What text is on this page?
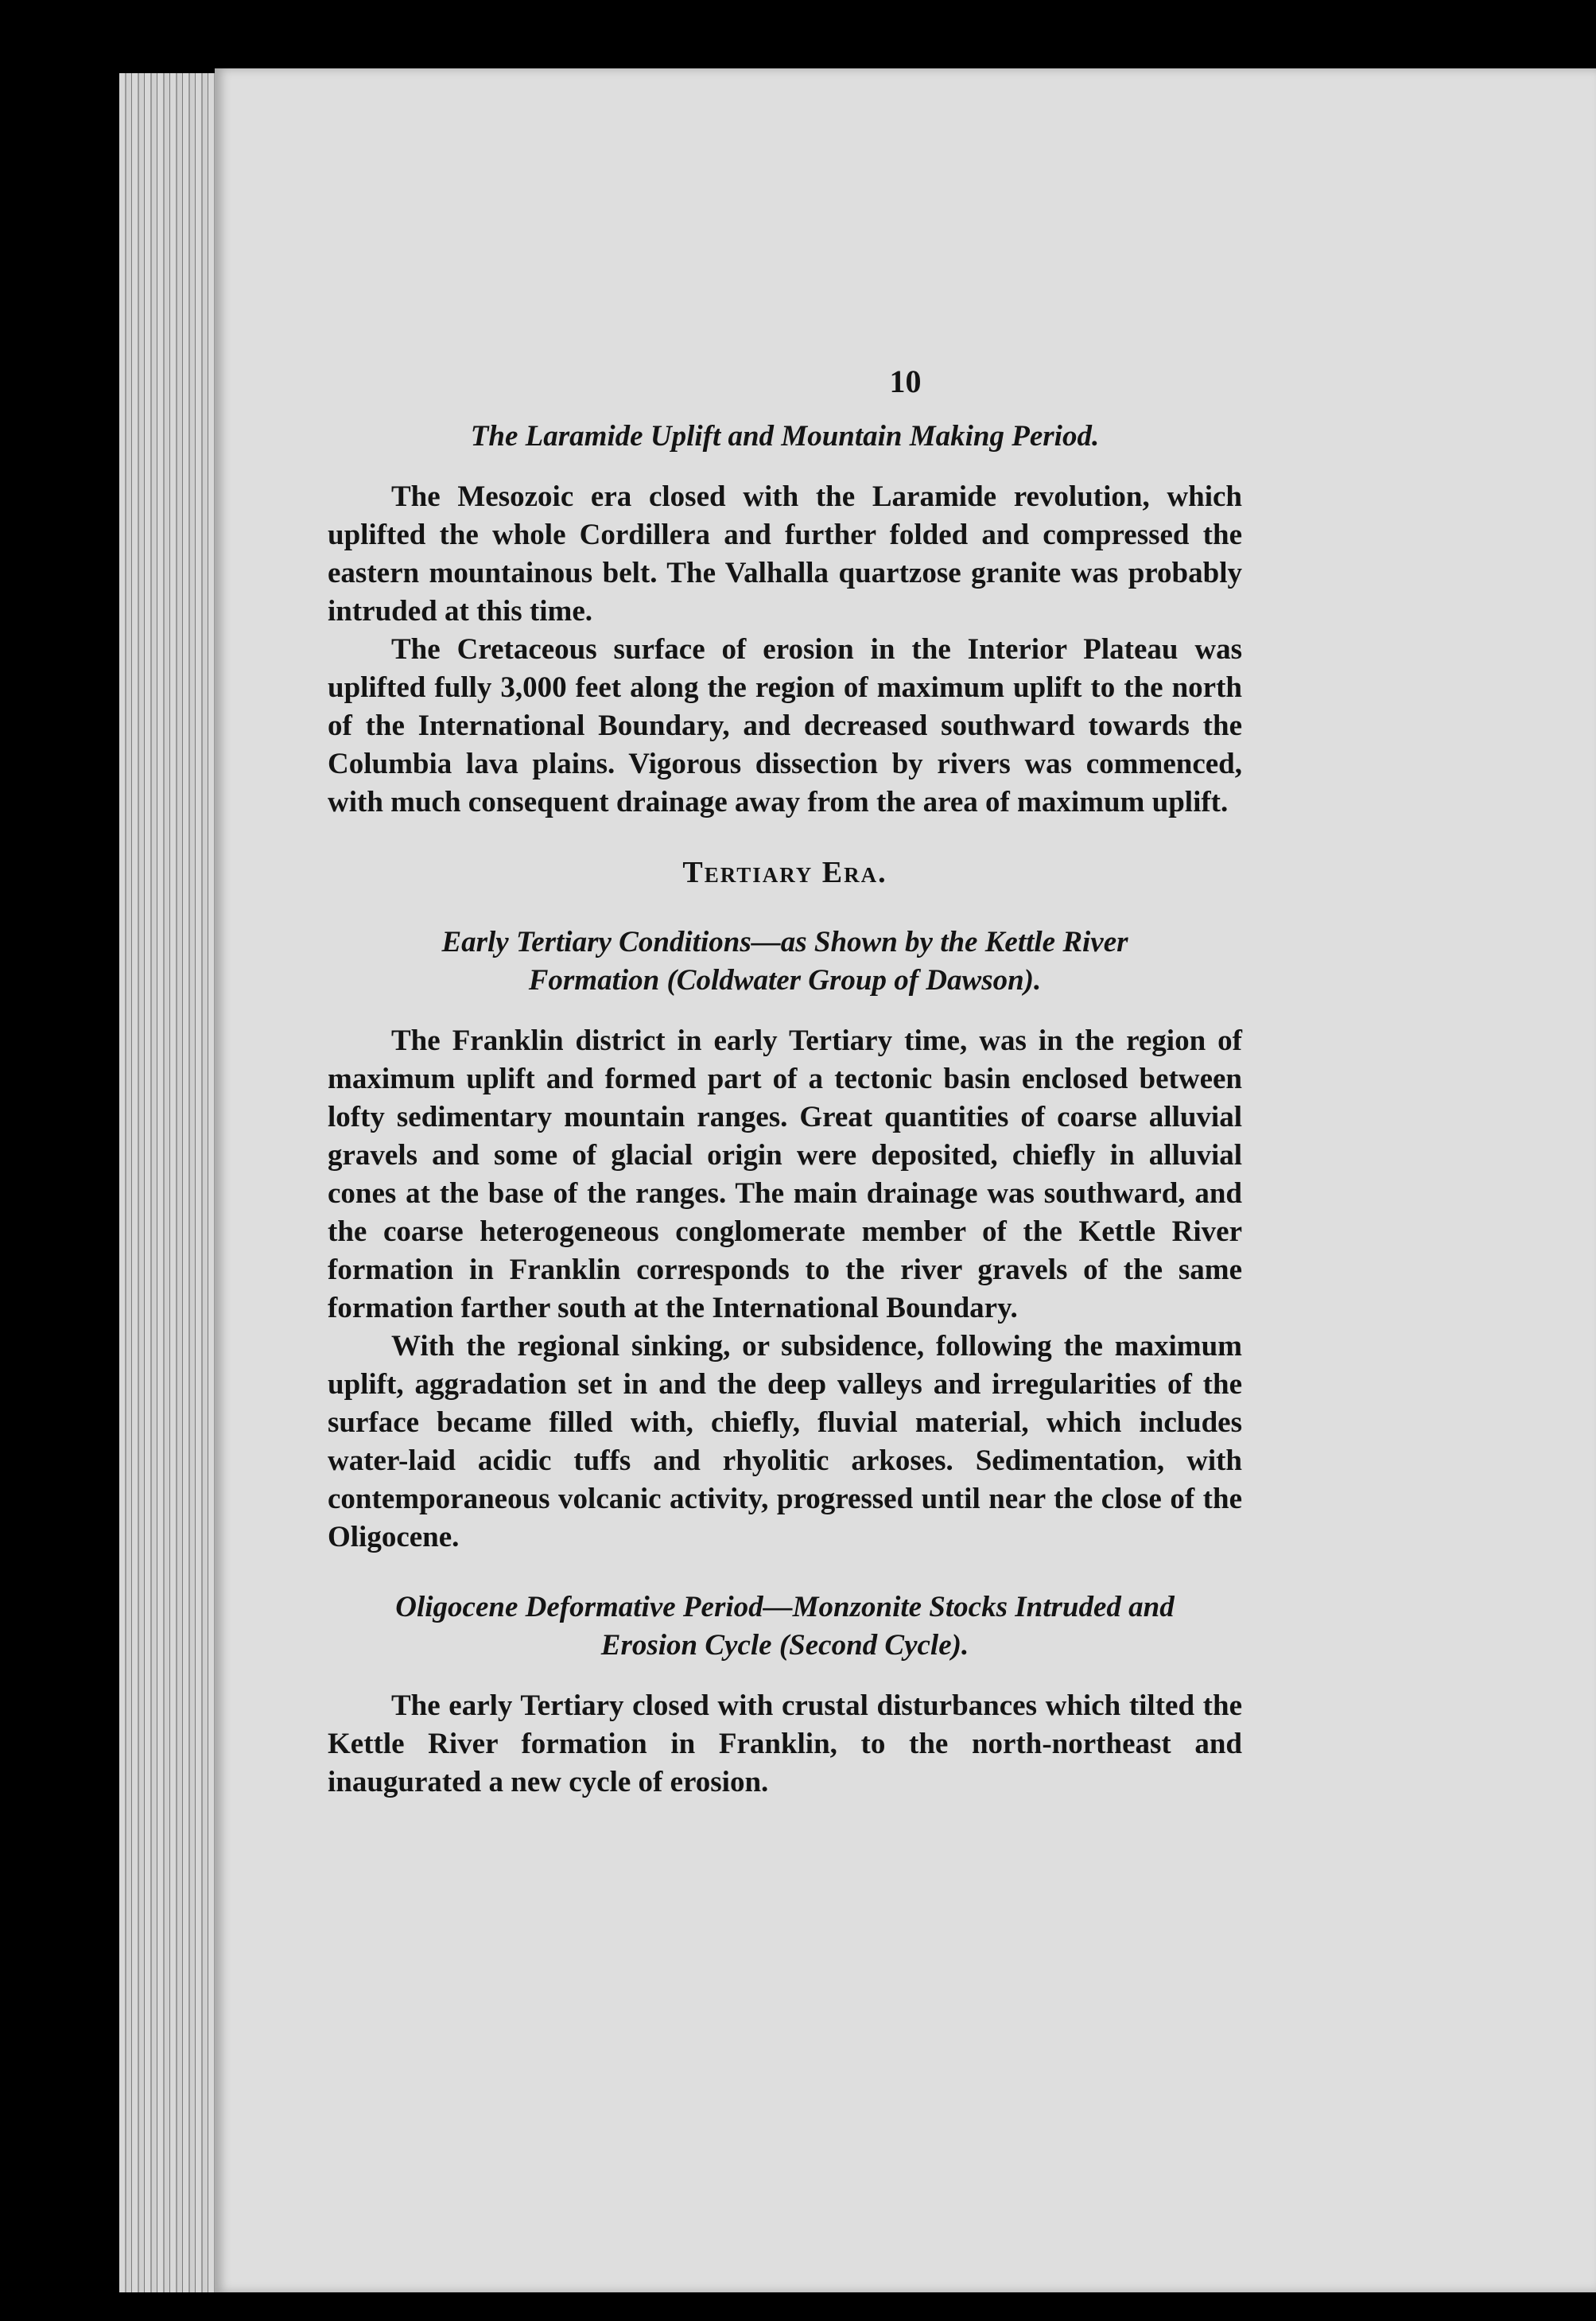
10

The Laramide Uplift and Mountain Making Period.

The Mesozoic era closed with the Laramide revolution, which uplifted the whole Cordillera and further folded and compressed the eastern mountainous belt. The Valhalla quartzose granite was probably intruded at this time.

The Cretaceous surface of erosion in the Interior Plateau was uplifted fully 3,000 feet along the region of maximum uplift to the north of the International Boundary, and decreased southward towards the Columbia lava plains. Vigorous dissection by rivers was commenced, with much consequent drainage away from the area of maximum uplift.

Tertiary Era.

Early Tertiary Conditions—as Shown by the Kettle River

Formation (Coldwater Group of Dawson).

The Franklin district in early Tertiary time, was in the region of maximum uplift and formed part of a tectonic basin enclosed between lofty sedimentary mountain ranges. Great quantities of coarse alluvial gravels and some of glacial origin were deposited, chiefly in alluvial cones at the base of the ranges. The main drainage was southward, and the coarse heterogeneous conglomerate member of the Kettle River formation in Franklin corresponds to the river gravels of the same formation farther south at the International Boundary.

With the regional sinking, or subsidence, following the maximum uplift, aggradation set in and the deep valleys and irregularities of the surface became filled with, chiefly, fluvial material, which includes water-laid acidic tuffs and rhyolitic arkoses. Sedimentation, with contemporaneous volcanic activity, progressed until near the close of the Oligocene.

Oligocene Deformative Period—Monzonite Stocks Intruded and

Erosion Cycle (Second Cycle).

The early Tertiary closed with crustal disturbances which tilted the Kettle River formation in Franklin, to the north-northeast and inaugurated a new cycle of erosion.
